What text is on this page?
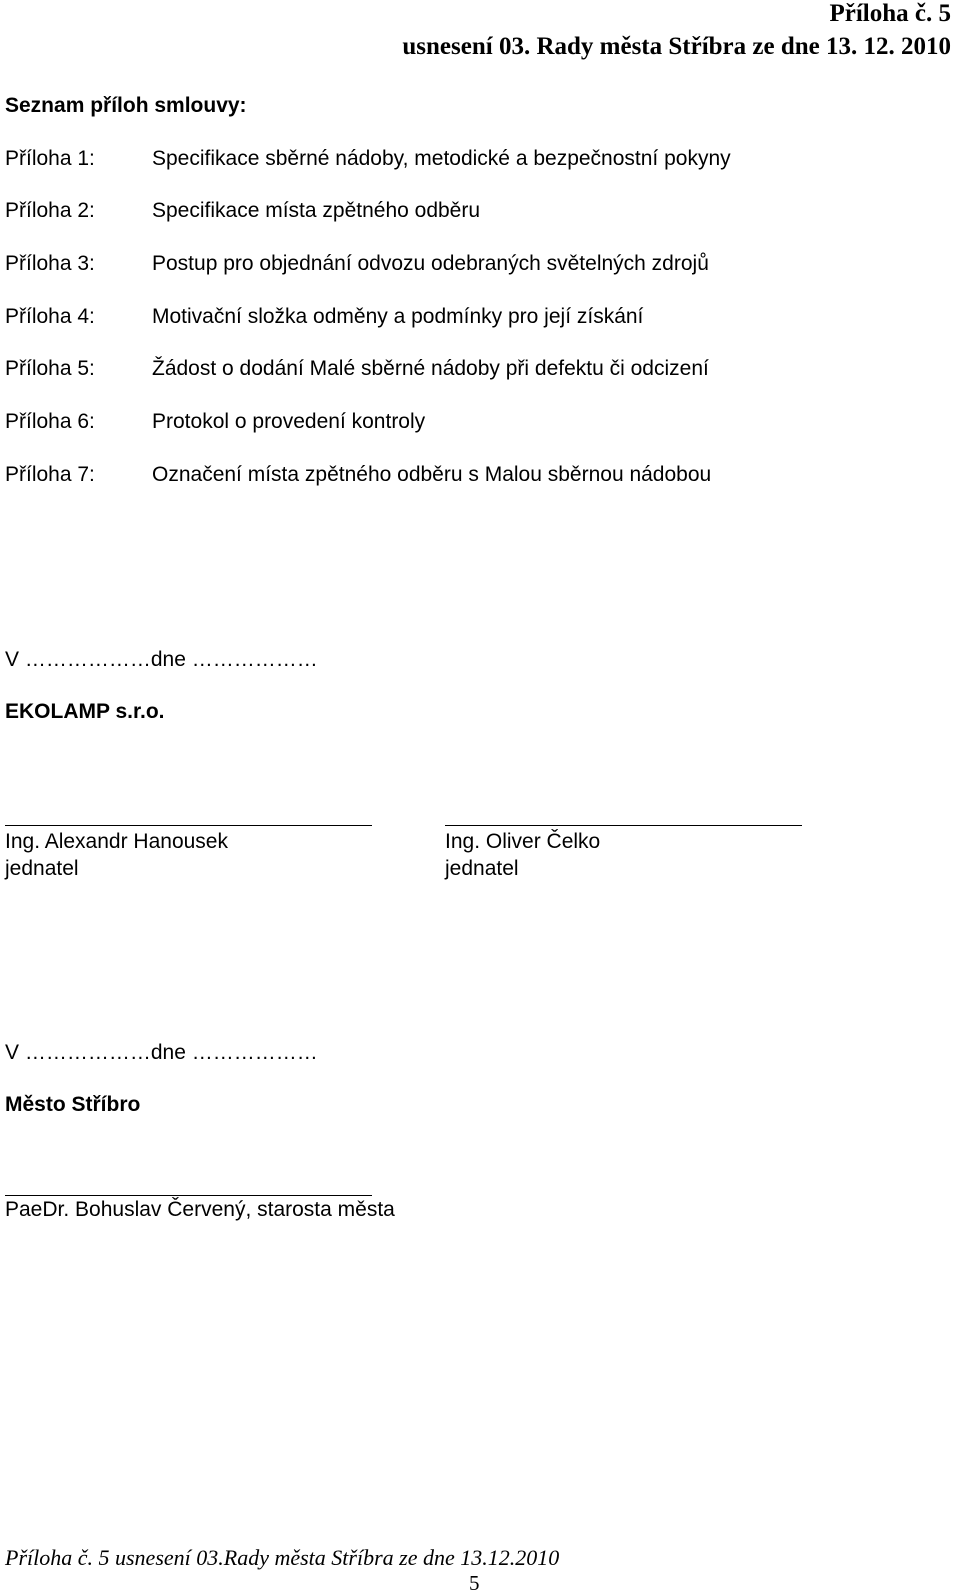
Příloha č. 5
usnesení 03. Rady města Stříbra ze dne 13. 12. 2010
Seznam příloh smlouvy:
Příloha 1:	Specifikace sběrné nádoby, metodické a bezpečnostní pokyny
Příloha 2:	Specifikace místa zpětného odběru
Příloha 3:	Postup pro objednání odvozu odebraných světelných zdrojů
Příloha 4:	Motivační složka odměny a podmínky pro její získání
Příloha 5:	Žádost o dodání Malé sběrné nádoby při defektu či odcizení
Příloha 6:	Protokol o provedení kontroly
Příloha 7:	Označení místa zpětného odběru s Malou sběrnou nádobou
V ………………dne ………………
EKOLAMP s.r.o.
Ing. Alexandr Hanousek
jednatel
Ing. Oliver Čelko
jednatel
V ………………dne ………………
Město Stříbro
PaeDr. Bohuslav Červený, starosta města
Příloha č. 5 usnesení 03.Rady města Stříbra ze dne 13.12.2010
5
